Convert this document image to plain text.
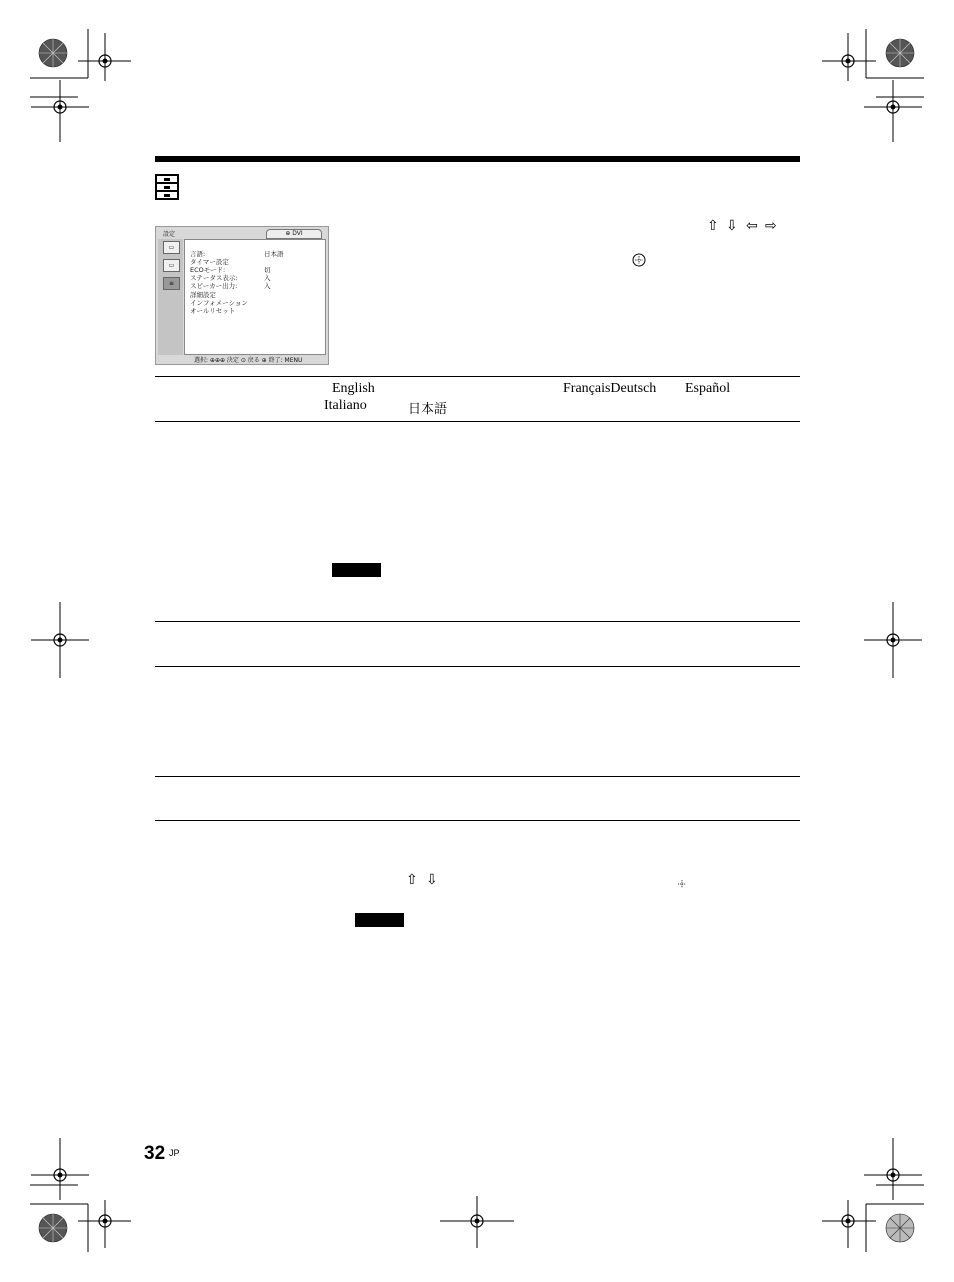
設定	⊕ DVI
▭
▭
≡
言語:	日本語
タイマー設定
ECOモード:	切
ステータス表示:	入
スピーカー出力:	入
詳細設定
インフォメーション
オールリセット
選択: ⊕⊕⊕ 決定 ⊙ 戻る ⊕ 終了: MENU
⇧ ⇩ ⇦ ⇨
English	FrançaisDeutsch Español
Italiano	日本語
⇧ ⇩
32 JP
